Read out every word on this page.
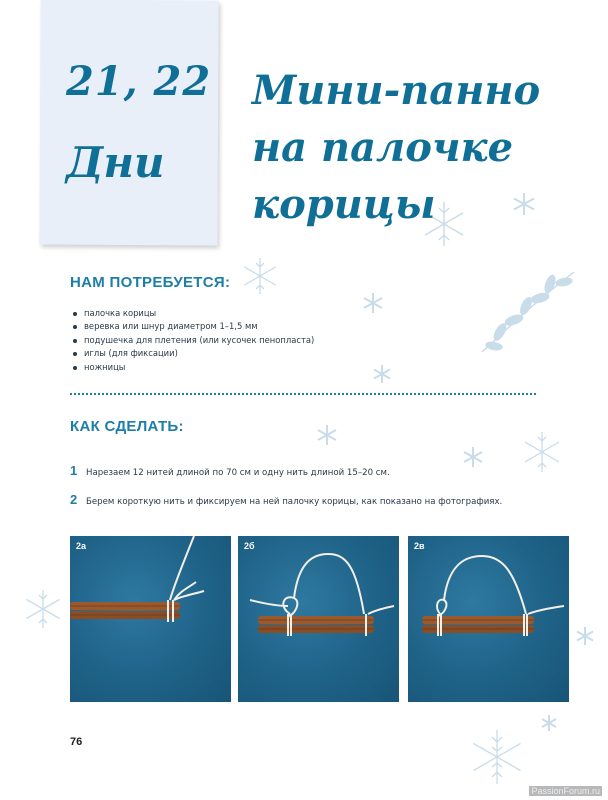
21, 22
Дни
Мини-панно
на палочке
корицы
НАМ ПОТРЕБУЕТСЯ:
палочка корицы
веревка или шнур диаметром 1–1,5 мм
подушечка для плетения (или кусочек пенопласта)
иглы (для фиксации)
ножницы
КАК СДЕЛАТЬ:
1	Нарезаем 12 нитей длиной по 70 см и одну нить длиной 15–20 см.
2	Берем короткую нить и фиксируем на ней палочку корицы, как показано на фотографиях.
2а	2б	2в
76
PassionForum.ru
